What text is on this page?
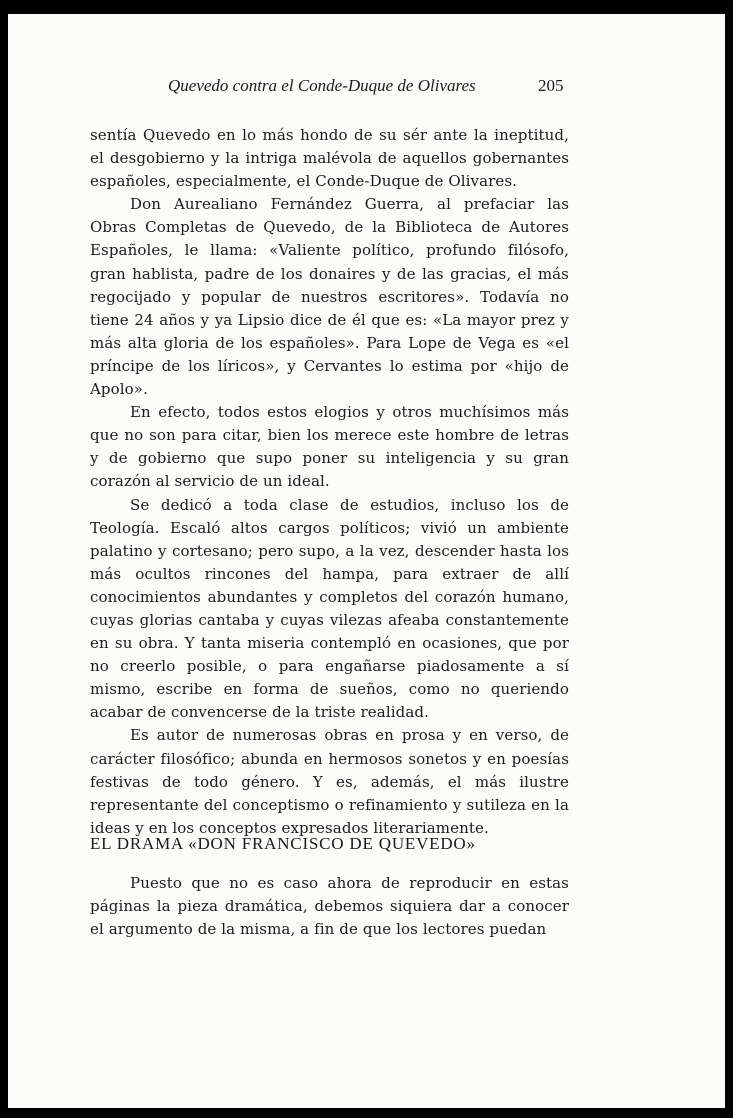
Quevedo contra el Conde-Duque de Olivares	205

sentía Quevedo en lo más hondo de su sér ante la ineptitud, el desgobierno y la intriga malévola de aquellos gobernantes españoles, especialmente, el Conde-Duque de Olivares.

Don Aurealiano Fernández Guerra, al prefaciar las Obras Completas de Quevedo, de la Biblioteca de Autores Españoles, le llama: «Valiente político, profundo filósofo, gran hablista, padre de los donaires y de las gracias, el más regocijado y popular de nuestros escritores». Todavía no tiene 24 años y ya Lipsio dice de él que es: «La mayor prez y más alta gloria de los españoles». Para Lope de Vega es «el príncipe de los líricos», y Cervantes lo estima por «hijo de Apolo».

En efecto, todos estos elogios y otros muchísimos más que no son para citar, bien los merece este hombre de letras y de gobierno que supo poner su inteligencia y su gran corazón al servicio de un ideal.

Se dedicó a toda clase de estudios, incluso los de Teología. Escaló altos cargos políticos; vivió un ambiente palatino y cortesano; pero supo, a la vez, descender hasta los más ocultos rincones del hampa, para extraer de allí conocimientos abundantes y completos del corazón humano, cuyas glorias cantaba y cuyas vilezas afeaba constantemente en su obra. Y tanta miseria contempló en ocasiones, que por no creerlo posible, o para engañarse piadosamente a sí mismo, escribe en forma de sueños, como no queriendo acabar de convencerse de la triste realidad.

Es autor de numerosas obras en prosa y en verso, de carácter filosófico; abunda en hermosos sonetos y en poesías festivas de todo género. Y es, además, el más ilustre representante del conceptismo o refinamiento y sutileza en la ideas y en los conceptos expresados literariamente.

EL DRAMA «DON FRANCISCO DE QUEVEDO»

Puesto que no es caso ahora de reproducir en estas páginas la pieza dramática, debemos siquiera dar a conocer el argumento de la misma, a fin de que los lectores puedan
